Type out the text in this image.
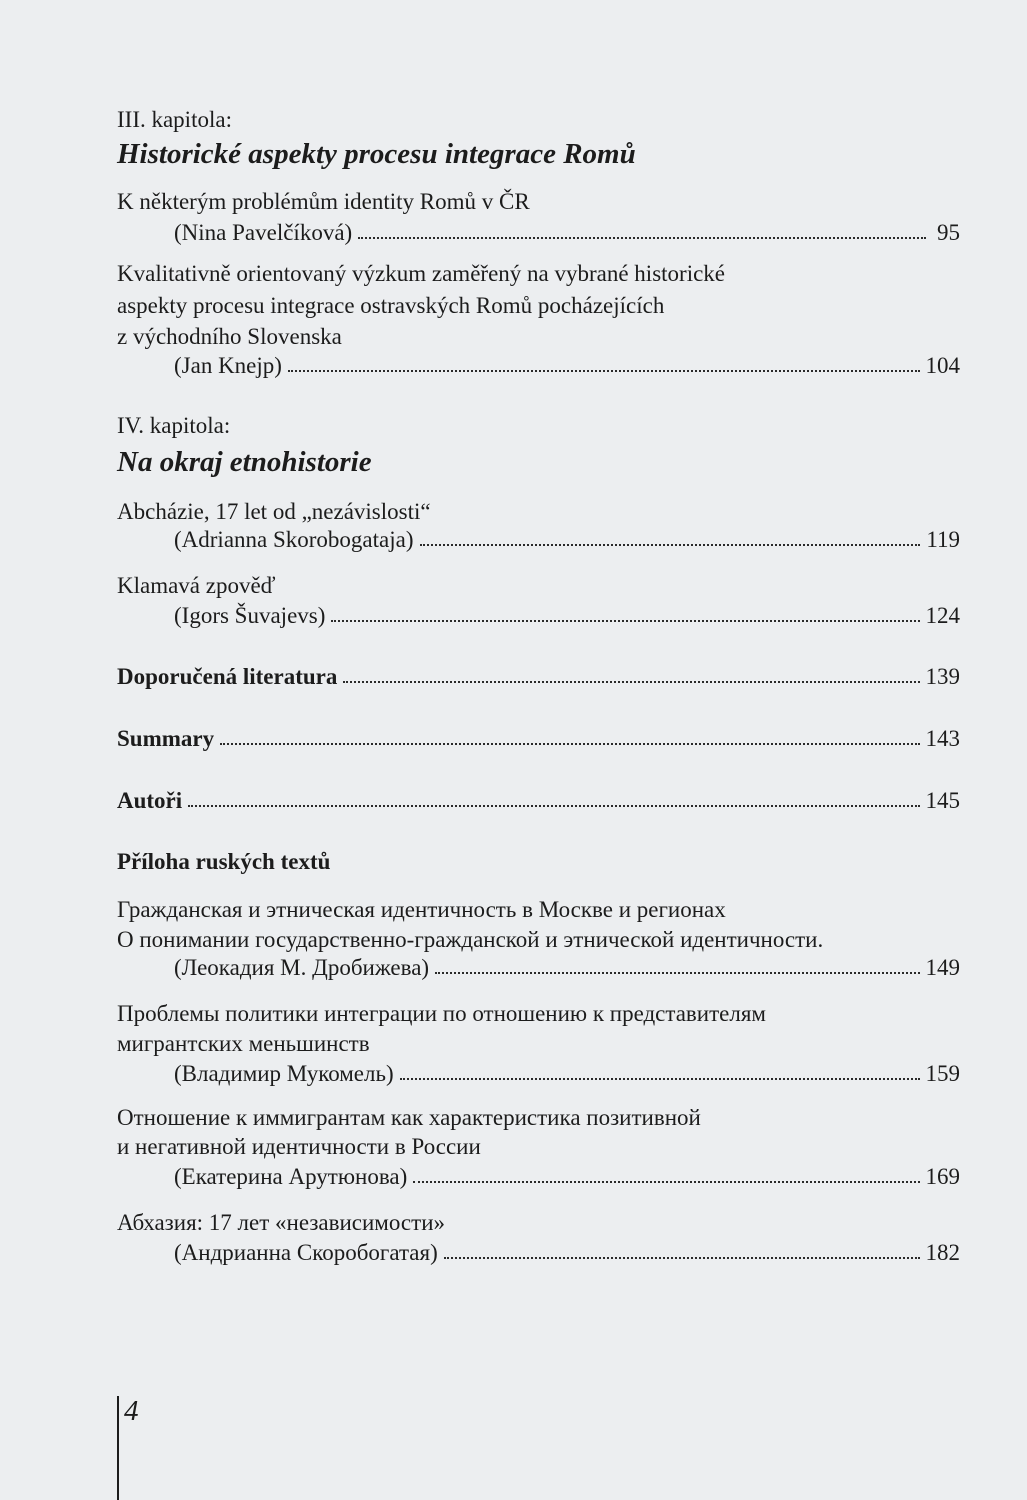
III. kapitola:
Historické aspekty procesu integrace Romů
K některým problémům identity Romů v ČR
(Nina Pavelčíková)	95
Kvalitativně orientovaný výzkum zaměřený na vybrané historické
aspekty procesu integrace ostravských Romů pocházejících
z východního Slovenska
(Jan Knejp)	104
IV. kapitola:
Na okraj etnohistorie
Abcházie, 17 let od „nezávislosti“
(Adrianna Skorobogataja)	119
Klamavá zpověď
(Igors Šuvajevs)	124
Doporučená literatura	139
Summary	143
Autoři	145
Příloha ruských textů
Гражданская и этническая идентичность в Москве и регионах
О понимании государственно-гражданской и этнической идентичности.
(Леокадия М. Дробижева)	149
Проблемы политики интеграции по отношению к представителям
мигрантских меньшинств
(Владимир Мукомель)	159
Отношение к иммигрантам как характеристика позитивной
и негативной идентичности в России
(Екатерина Арутюнова)	169
Абхазия: 17 лет «независимости»
(Андрианна Скоробогатая)	182
4
